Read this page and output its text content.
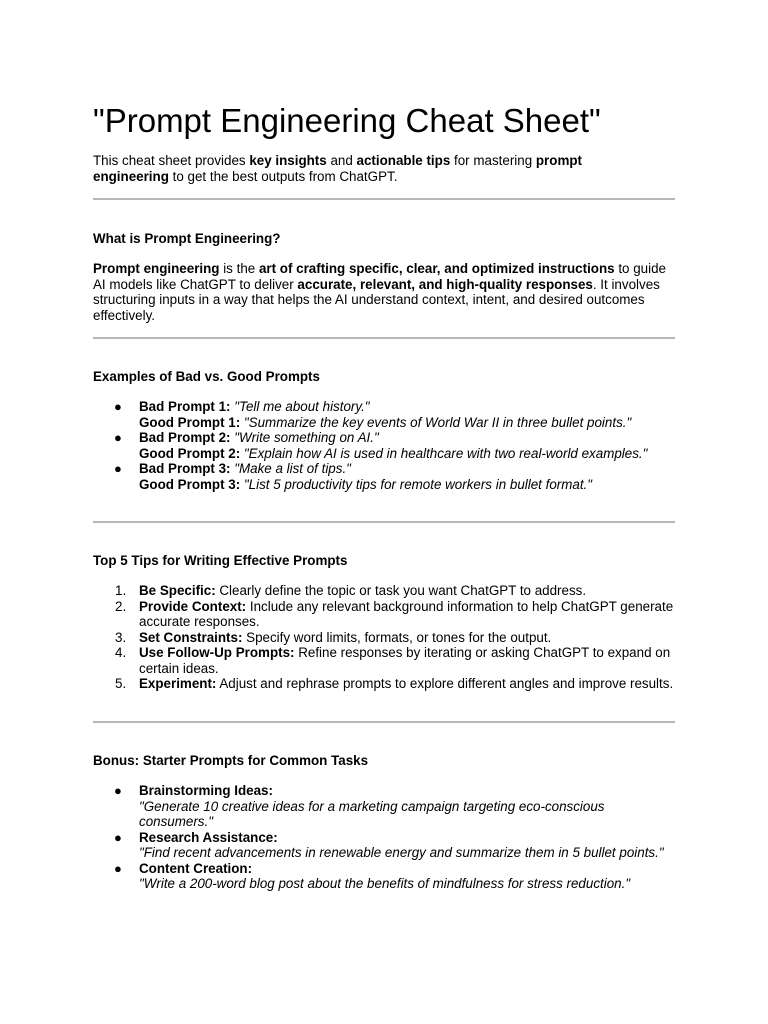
"Prompt Engineering Cheat Sheet"
This cheat sheet provides key insights and actionable tips for mastering prompt engineering to get the best outputs from ChatGPT.
What is Prompt Engineering?
Prompt engineering is the art of crafting specific, clear, and optimized instructions to guide AI models like ChatGPT to deliver accurate, relevant, and high-quality responses. It involves structuring inputs in a way that helps the AI understand context, intent, and desired outcomes effectively.
Examples of Bad vs. Good Prompts
● Bad Prompt 1: "Tell me about history."
Good Prompt 1: "Summarize the key events of World War II in three bullet points."
● Bad Prompt 2: "Write something on AI."
Good Prompt 2: "Explain how AI is used in healthcare with two real-world examples."
● Bad Prompt 3: "Make a list of tips."
Good Prompt 3: "List 5 productivity tips for remote workers in bullet format."
Top 5 Tips for Writing Effective Prompts
1. Be Specific: Clearly define the topic or task you want ChatGPT to address.
2. Provide Context: Include any relevant background information to help ChatGPT generate accurate responses.
3. Set Constraints: Specify word limits, formats, or tones for the output.
4. Use Follow-Up Prompts: Refine responses by iterating or asking ChatGPT to expand on certain ideas.
5. Experiment: Adjust and rephrase prompts to explore different angles and improve results.
Bonus: Starter Prompts for Common Tasks
● Brainstorming Ideas:
"Generate 10 creative ideas for a marketing campaign targeting eco-conscious consumers."
● Research Assistance:
"Find recent advancements in renewable energy and summarize them in 5 bullet points."
● Content Creation:
"Write a 200-word blog post about the benefits of mindfulness for stress reduction."
